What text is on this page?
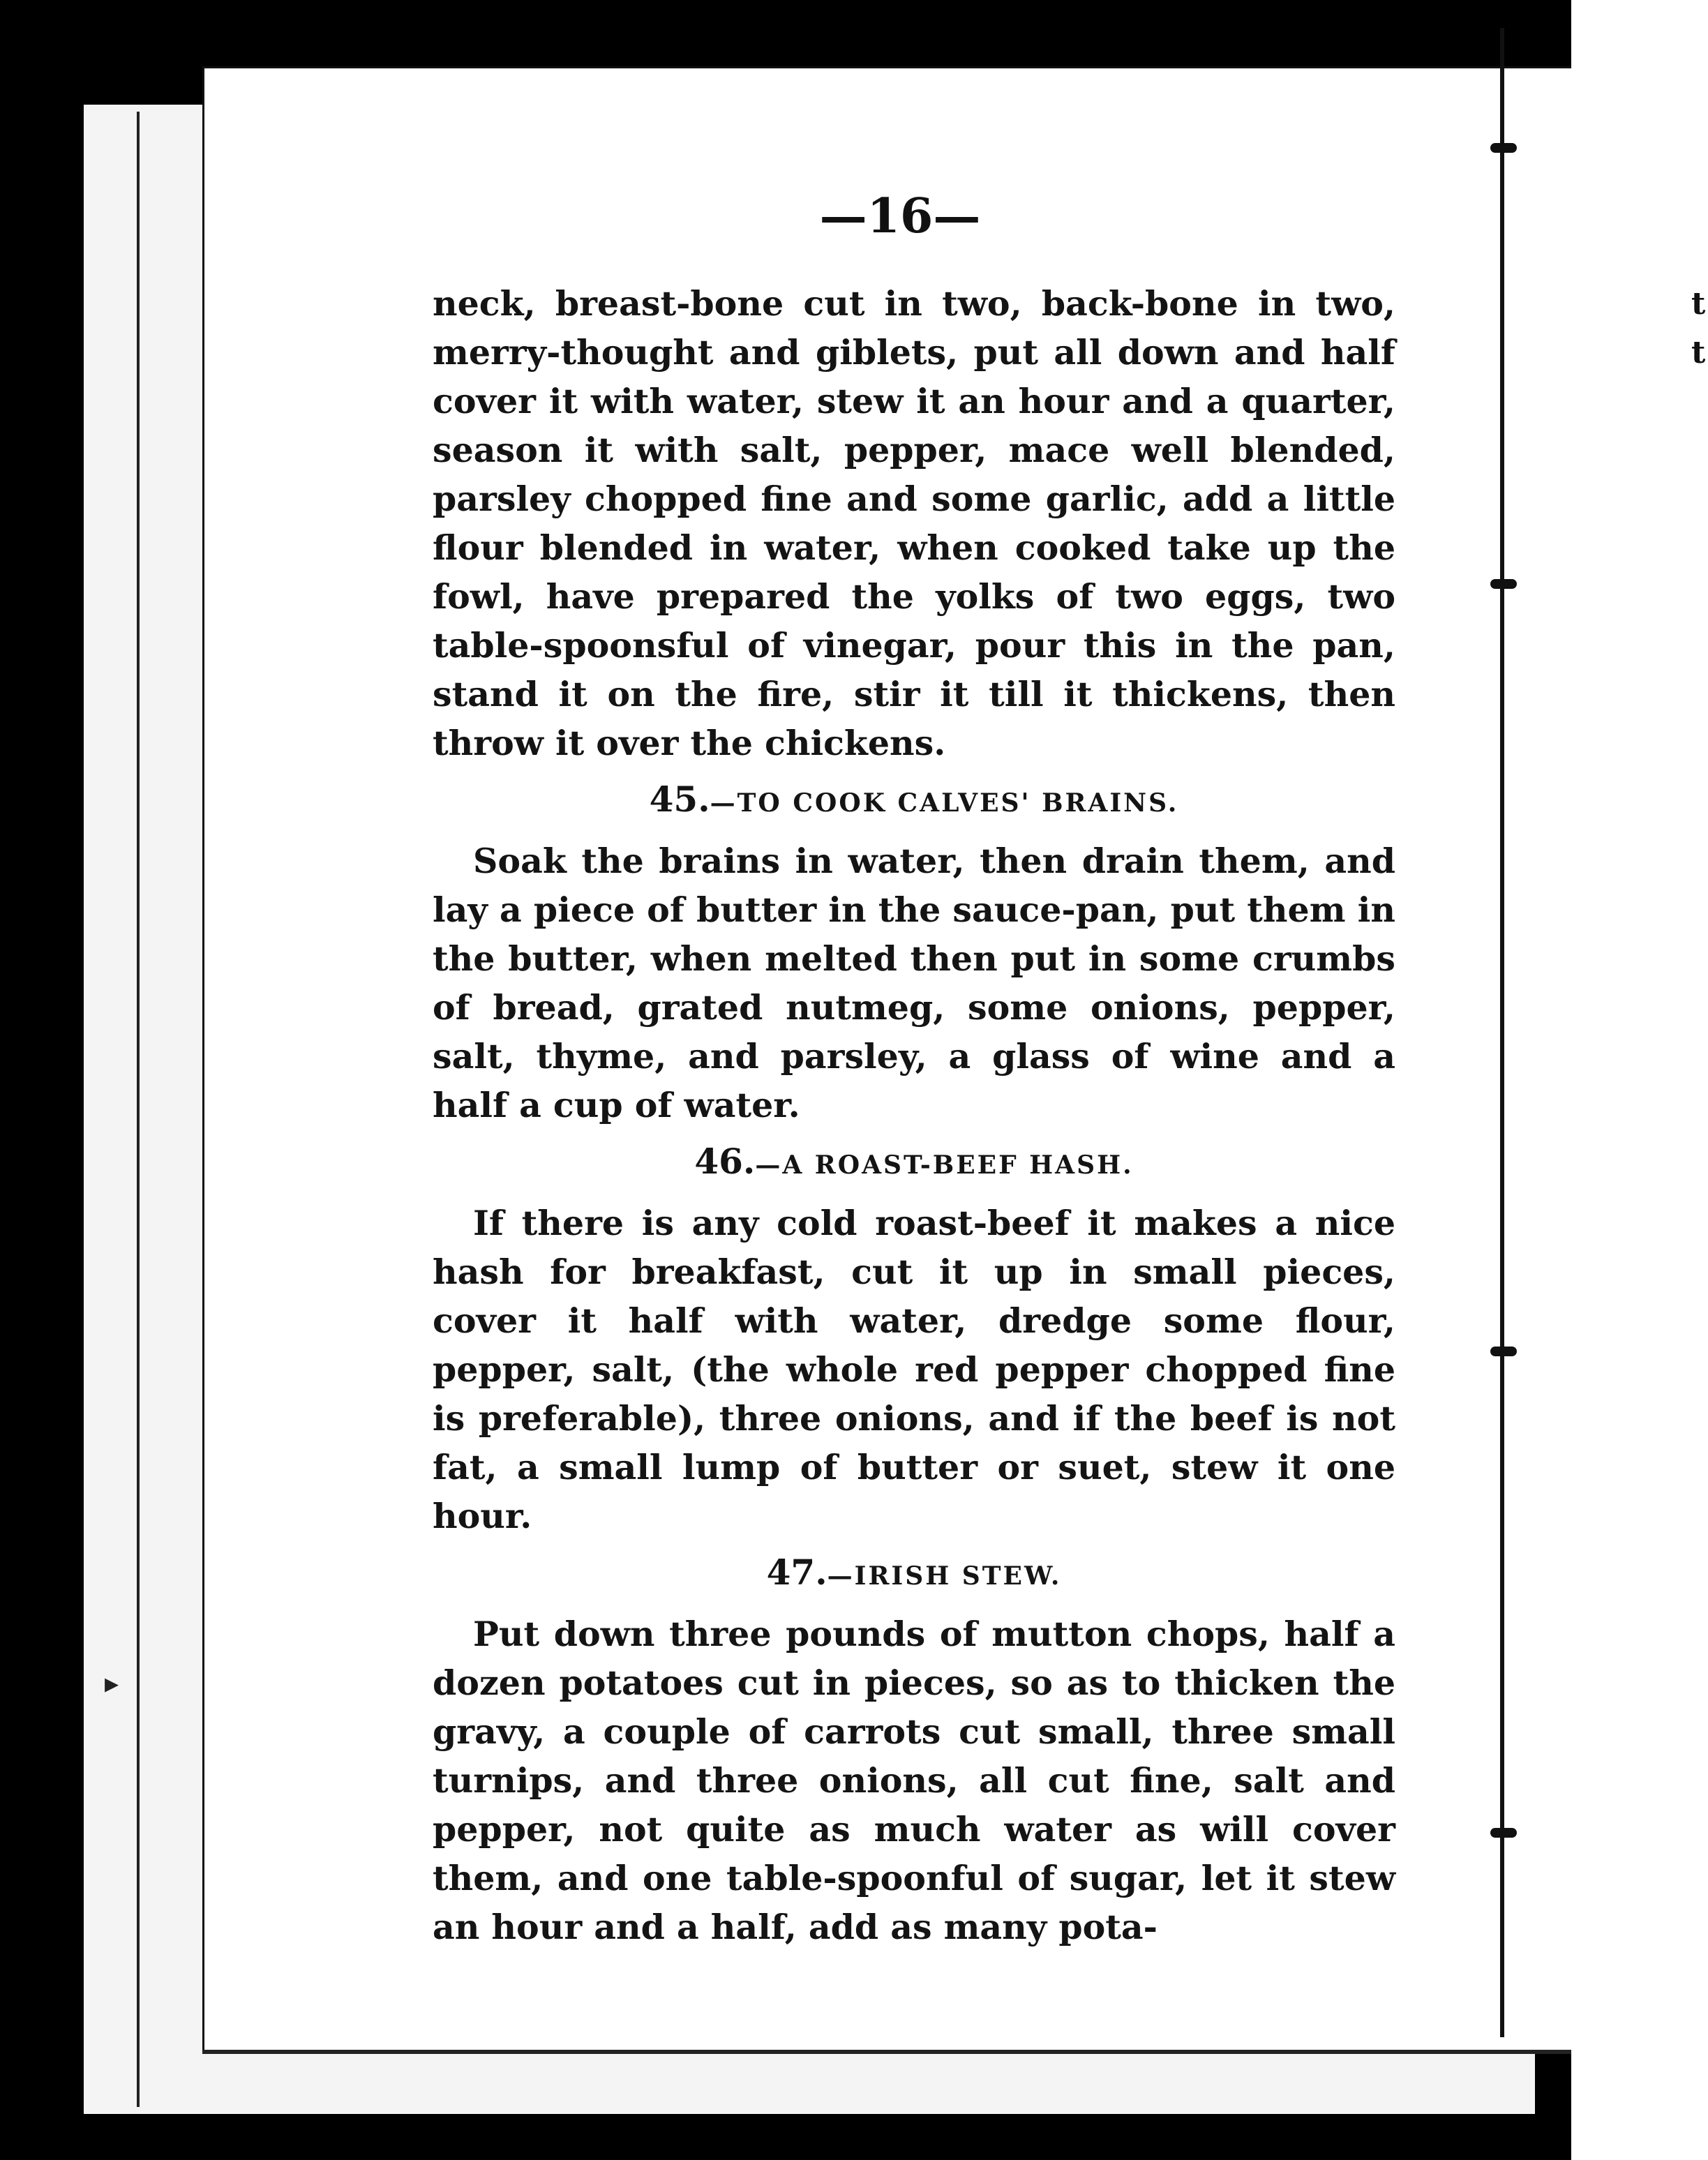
t
t
▸
—16—

neck, breast-bone cut in two, back-bone in two, merry-thought and giblets, put all down and half cover it with water, stew it an hour and a quarter, season it with salt, pepper, mace well blended, parsley chopped fine and some garlic, add a little flour blended in water, when cooked take up the fowl, have prepared the yolks of two eggs, two table-spoonsful of vinegar, pour this in the pan, stand it on the fire, stir it till it thickens, then throw it over the chickens.

45.—TO COOK CALVES' BRAINS.

Soak the brains in water, then drain them, and lay a piece of butter in the sauce-pan, put them in the butter, when melted then put in some crumbs of bread, grated nutmeg, some onions, pepper, salt, thyme, and parsley, a glass of wine and a half a cup of water.

46.—A ROAST-BEEF HASH.

If there is any cold roast-beef it makes a nice hash for breakfast, cut it up in small pieces, cover it half with water, dredge some flour, pepper, salt, (the whole red pepper chopped fine is preferable), three onions, and if the beef is not fat, a small lump of butter or suet, stew it one hour.

47.—IRISH STEW.

Put down three pounds of mutton chops, half a dozen potatoes cut in pieces, so as to thicken the gravy, a couple of carrots cut small, three small turnips, and three onions, all cut fine, salt and pepper, not quite as much water as will cover them, and one table-spoonful of sugar, let it stew an hour and a half, add as many pota-
